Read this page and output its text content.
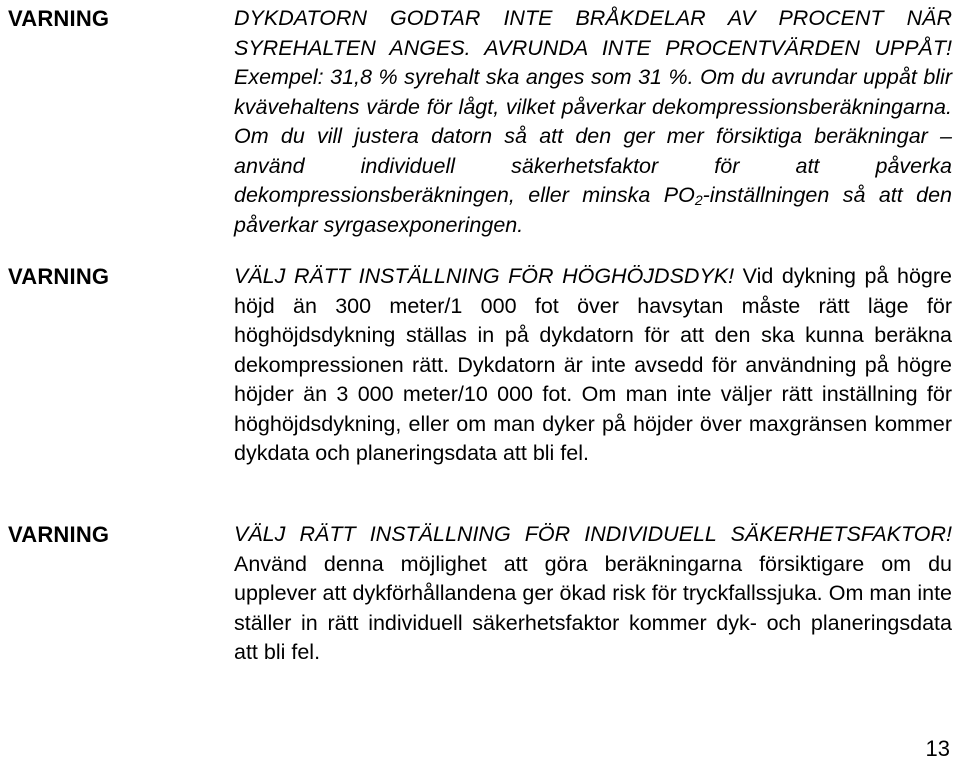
VARNING	DYKDATORN GODTAR INTE BRÅKDELAR AV PROCENT NÄR SYREHALTEN ANGES. AVRUNDA INTE PROCENTVÄRDEN UPPÅT! Exempel: 31,8 % syrehalt ska anges som 31 %. Om du avrundar uppåt blir kvävehaltens värde för lågt, vilket påverkar dekompressionsberäkningarna. Om du vill justera datorn så att den ger mer försiktiga beräkningar – använd individuell säkerhetsfaktor för att påverka dekompressionsberäkningen, eller minska $PO_2$-inställningen så att den påverkar syrgasexponeringen.

VARNING	VÄLJ RÄTT INSTÄLLNING FÖR HÖGHÖJDSDYK! Vid dykning på högre höjd än 300 meter/1 000 fot över havsytan måste rätt läge för höghöjdsdykning ställas in på dykdatorn för att den ska kunna beräkna dekompressionen rätt. Dykdatorn är inte avsedd för användning på högre höjder än 3 000 meter/10 000 fot. Om man inte väljer rätt inställning för höghöjdsdykning, eller om man dyker på höjder över maxgränsen kommer dykdata och planeringsdata att bli fel.

VARNING	VÄLJ RÄTT INSTÄLLNING FÖR INDIVIDUELL SÄKERHETSFAKTOR! Använd denna möjlighet att göra beräkningarna försiktigare om du upplever att dykförhållandena ger ökad risk för tryckfallssjuka. Om man inte ställer in rätt individuell säkerhetsfaktor kommer dyk- och planeringsdata att bli fel.

13
